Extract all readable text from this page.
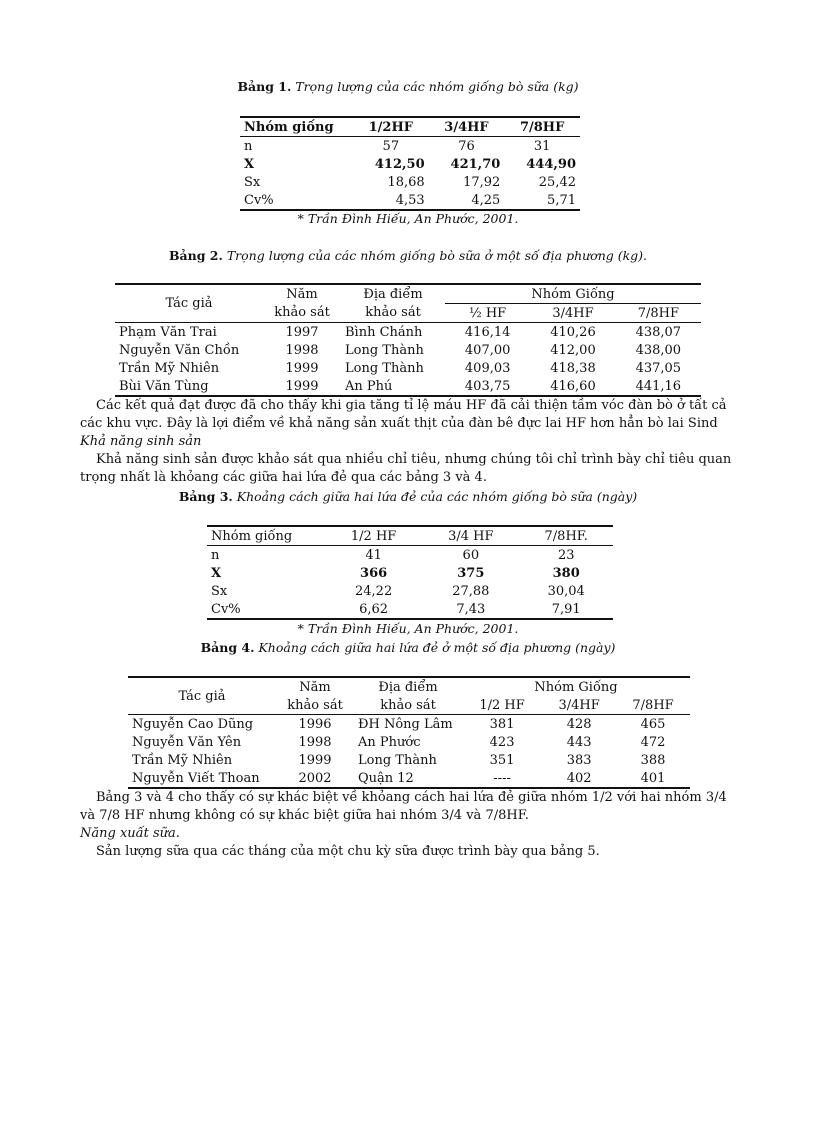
Bảng 1. Trọng lượng của các nhóm giống bò sữa (kg)
Nhóm giống	1/2HF	3/4HF	7/8HF
n	57	76	31
X	412,50	421,70	444,90
Sx	18,68	17,92	25,42
Cv%	4,53	4,25	5,71
* Trần Đình Hiếu, An Phước, 2001.
Bảng 2. Trọng lượng của các nhóm giống bò sữa ở một số địa phương (kg).
Tác giả	Năm	Địa điểm	Nhóm Giống		
	khảo sát	khảo sát	½ HF	3/4HF	7/8HF
Phạm Văn Trai	1997	Bình Chánh	416,14	410,26	438,07
Nguyễn Văn Chồn	1998	Long Thành	407,00	412,00	438,00
Trần Mỹ Nhiên	1999	Long Thành	409,03	418,38	437,05
Bùi Văn Tùng	1999	An Phú	403,75	416,60	441,16
Các kết quả đạt được đã cho thấy khi gia tăng tỉ lệ máu HF đã cải thiện tầm vóc đàn bò ở tất cả
các khu vực. Đây là lợi điểm về khả năng sản xuất thịt của đàn bê đực lai HF hơn hẳn bò lai Sind
Khả năng sinh sản
Khả năng sinh sản được khảo sát qua nhiều chỉ tiêu, nhưng chúng tôi chỉ trình bày chỉ tiêu quan
trọng nhất là khỏang các giữa hai lứa đẻ qua các bảng 3 và 4.
Bảng 3. Khoảng cách giữa hai lứa đẻ của các nhóm giống bò sữa (ngày)
Nhóm giống	1/2 HF	3/4 HF	7/8HF.
n	41	60	23
X	366	375	380
Sx	24,22	27,88	30,04
Cv%	6,62	7,43	7,91
* Trần Đình Hiếu, An Phước, 2001.
Bảng 4. Khoảng cách giữa hai lứa đẻ ở một số địa phương (ngày)
Tác giả	Năm	Địa điểm	Nhóm Giống		
	khảo sát	khảo sát	1/2 HF	3/4HF	7/8HF
Nguyễn Cao Dũng	1996	ĐH Nông Lâm	381	428	465
Nguyễn Văn Yên	1998	An Phước	423	443	472
Trần Mỹ Nhiên	1999	Long Thành	351	383	388
Nguyễn Viết Thoan	2002	Quận 12	----	402	401
Bảng 3 và 4 cho thấy có sự khác biệt về khỏang cách hai lứa đẻ giữa nhóm 1/2 với hai nhóm 3/4
và 7/8 HF nhưng không có sự khác biệt giữa hai nhóm 3/4 và 7/8HF.
Năng xuất sữa.
Sản lượng sữa qua các tháng của một chu kỳ sữa được trình bày qua bảng 5.
